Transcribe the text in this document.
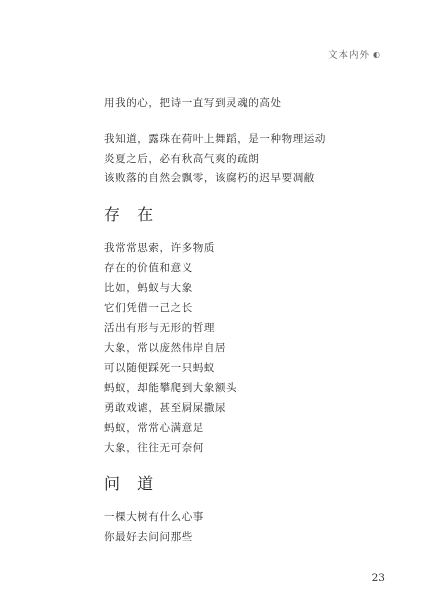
文本内外 ◐
用我的心，把诗一直写到灵魂的高处
我知道，露珠在荷叶上舞蹈，是一种物理运动
炎夏之后，必有秋高气爽的疏朗
该败落的自然会飘零，该腐朽的迟早要凋敝
存 在
我常常思索，许多物质
存在的价值和意义
比如，蚂蚁与大象
它们凭借一己之长
活出有形与无形的哲理
大象，常以庞然伟岸自居
可以随便踩死一只蚂蚁
蚂蚁，却能攀爬到大象额头
勇敢戏谑，甚至屙屎撒尿
蚂蚁，常常心满意足
大象，往往无可奈何
问 道
一棵大树有什么心事
你最好去问问那些
23
